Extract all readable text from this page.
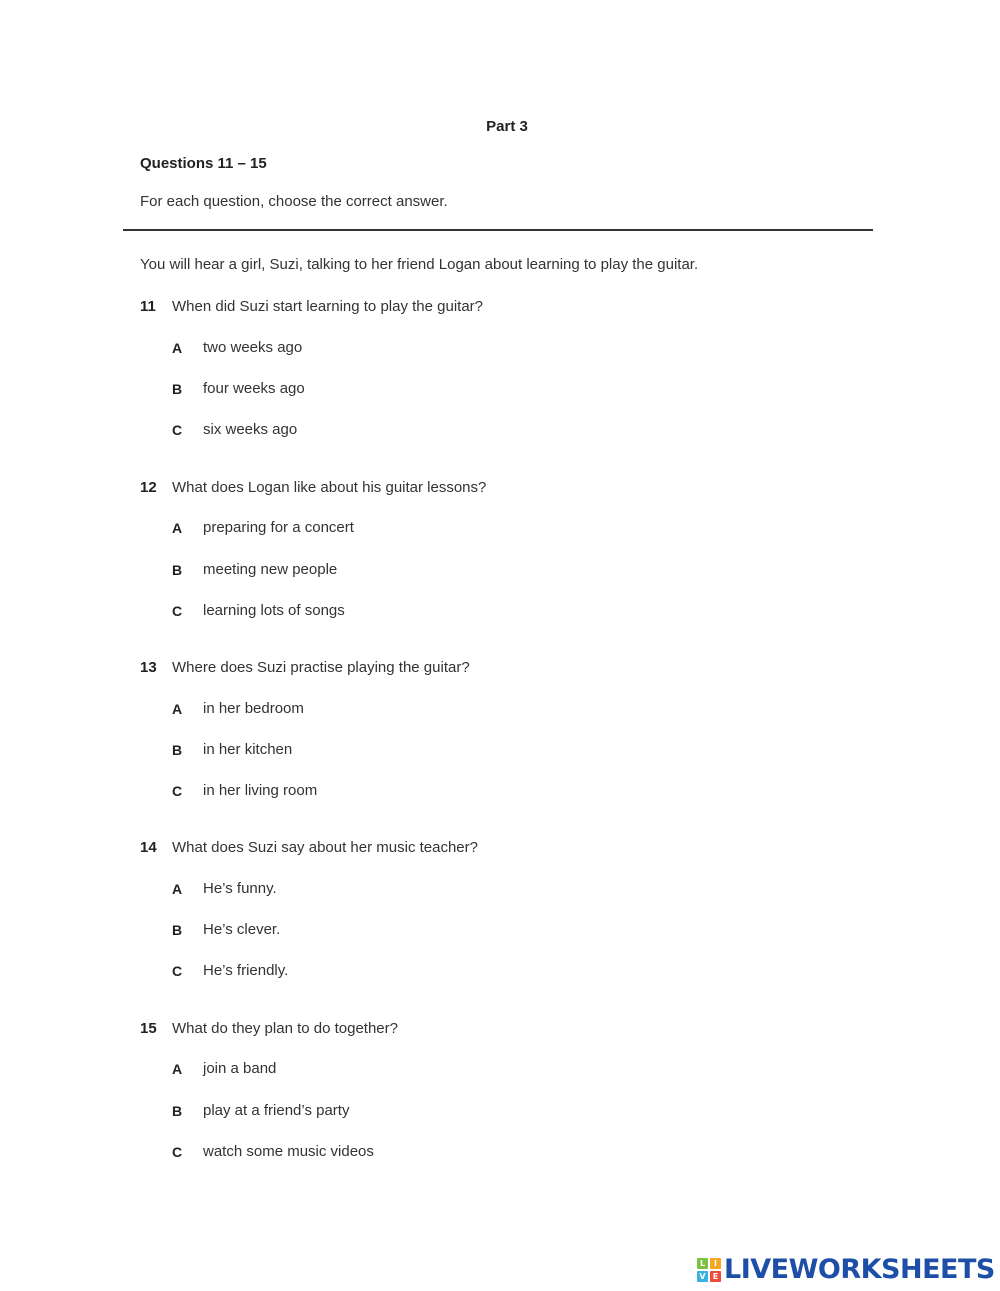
Part 3
Questions 11 – 15
For each question, choose the correct answer.
You will hear a girl, Suzi, talking to her friend Logan about learning to play the guitar.
11 When did Suzi start learning to play the guitar?
A two weeks ago
B four weeks ago
C six weeks ago
12 What does Logan like about his guitar lessons?
A preparing for a concert
B meeting new people
C learning lots of songs
13 Where does Suzi practise playing the guitar?
A in her bedroom
B in her kitchen
C in her living room
14 What does Suzi say about her music teacher?
A He’s funny.
B He’s clever.
C He’s friendly.
15 What do they plan to do together?
A join a band
B play at a friend’s party
C watch some music videos
L	I
V E LIVEWORKSHEETS
